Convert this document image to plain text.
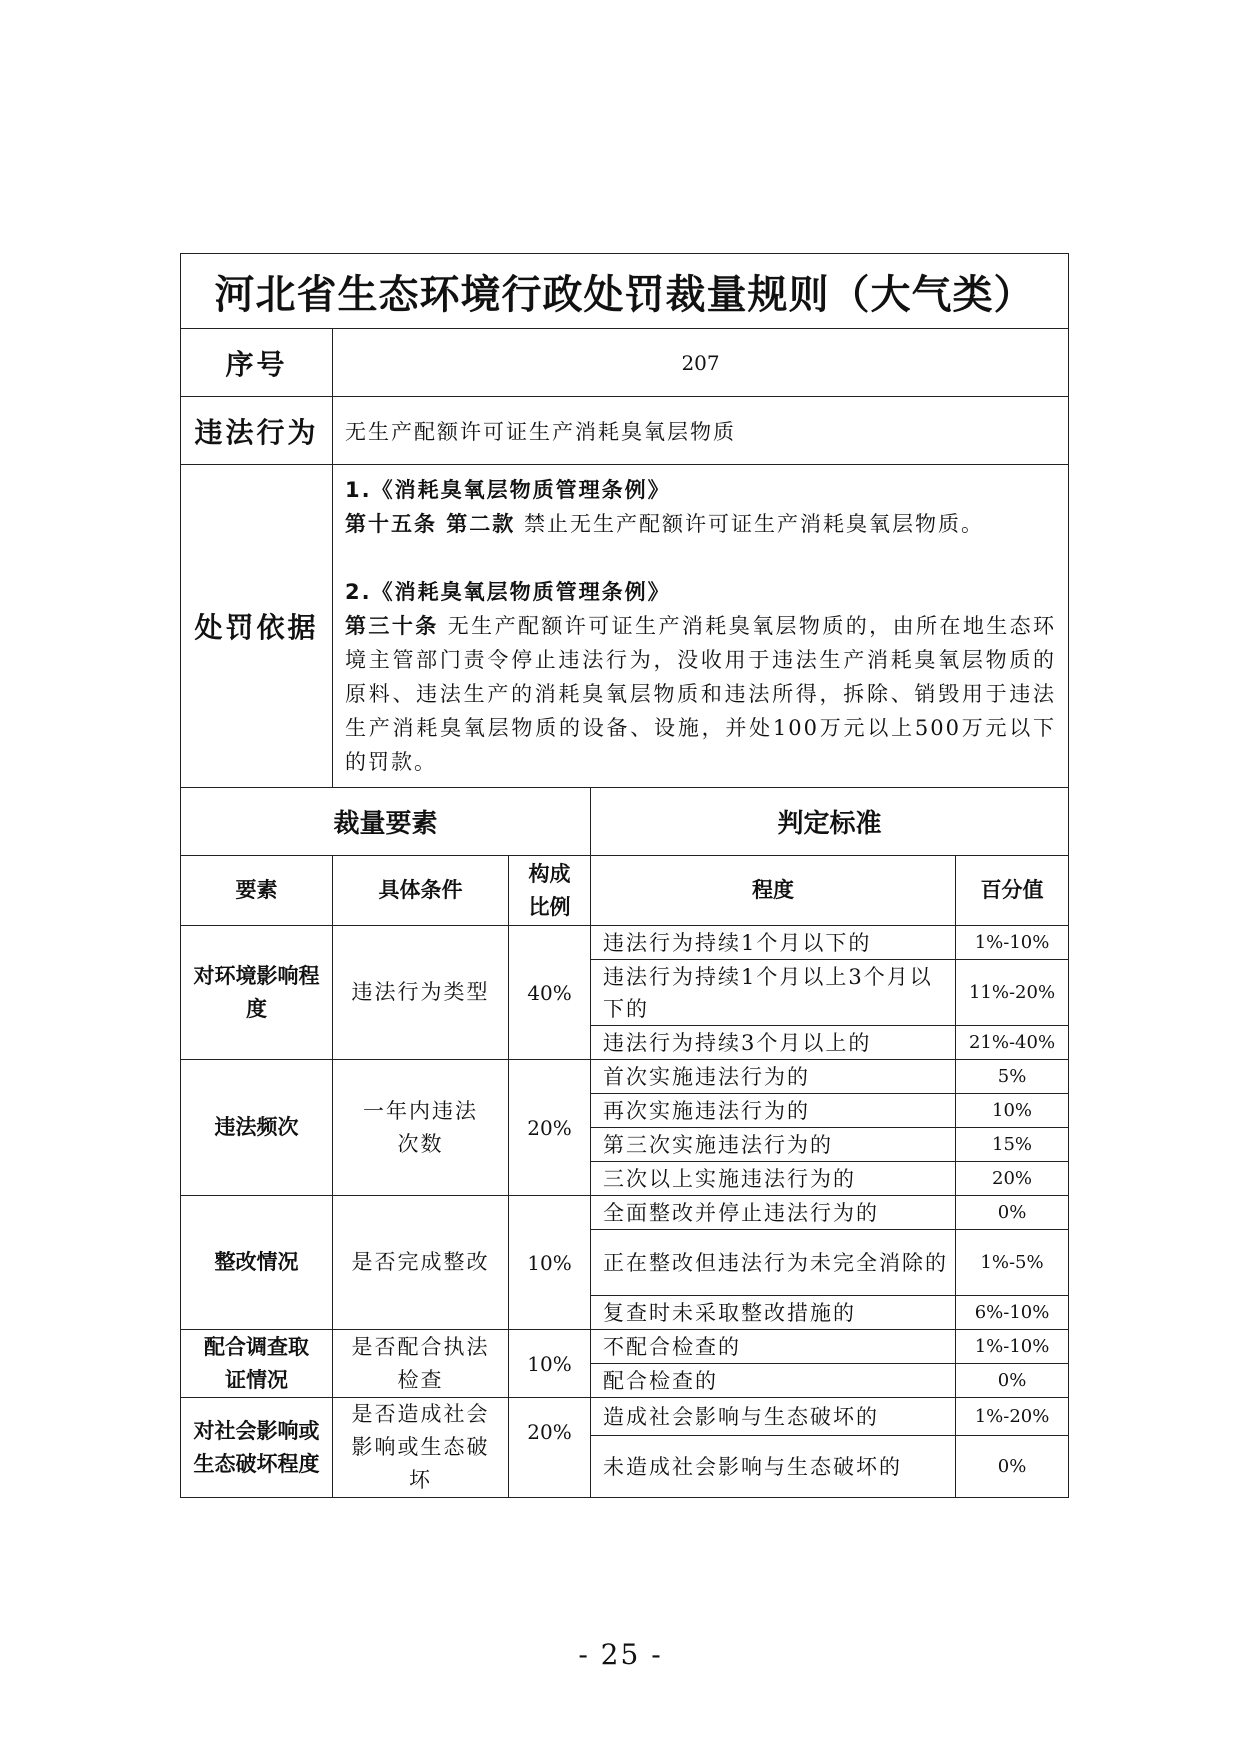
河北省生态环境行政处罚裁量规则（大气类）				
序号	207			
违法行为	无生产配额许可证生产消耗臭氧层物质			
处罚依据	1.《消耗臭氧层物质管理条例》
第十五条 第二款 禁止无生产配额许可证生产消耗臭氧层物质。
2.《消耗臭氧层物质管理条例》
第三十条 无生产配额许可证生产消耗臭氧层物质的，由所在地生态环境主管部门责令停止违法行为，没收用于违法生产消耗臭氧层物质的原料、违法生产的消耗臭氧层物质和违法所得，拆除、销毁用于违法生产消耗臭氧层物质的设备、设施，并处100万元以上500万元以下的罚款。			

裁量要素			判定标准	
要素	具体条件	构成比例	程度	百分值
对环境影响程度	违法行为类型	40%	违法行为持续1个月以下的	1%-10%
			违法行为持续1个月以上3个月以下的	11%-20%
			违法行为持续3个月以上的	21%-40%
违法频次	一年内违法次数	20%	首次实施违法行为的	5%
			再次实施违法行为的	10%
			第三次实施违法行为的	15%
			三次以上实施违法行为的	20%
整改情况	是否完成整改	10%	全面整改并停止违法行为的	0%
			正在整改但违法行为未完全消除的	1%-5%
			复查时未采取整改措施的	6%-10%
配合调查取证情况	是否配合执法检查	10%	不配合检查的	1%-10%
			配合检查的	0%
对社会影响或生态破坏程度	是否造成社会影响或生态破坏	20%	造成社会影响与生态破坏的	1%-20%
			未造成社会影响与生态破坏的	0%
- 25 -
